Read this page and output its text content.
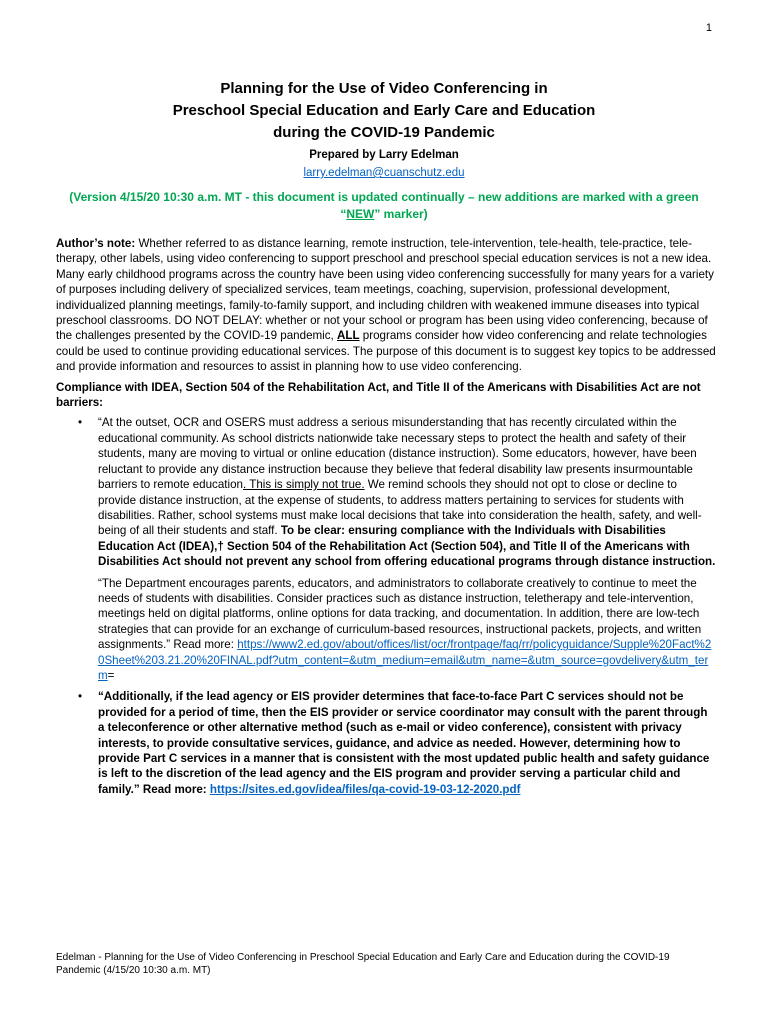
1
Planning for the Use of Video Conferencing in
Preschool Special Education and Early Care and Education
during the COVID-19 Pandemic
Prepared by Larry Edelman
larry.edelman@cuanschutz.edu
(Version 4/15/20 10:30 a.m. MT - this document is updated continually – new additions are marked with a green “NEW” marker)

Author’s note: Whether referred to as distance learning, remote instruction, tele-intervention, tele-health, tele-practice, tele-therapy, other labels, using video conferencing to support preschool and preschool special education services is not a new idea. Many early childhood programs across the country have been using video conferencing successfully for many years for a variety of purposes including delivery of specialized services, team meetings, coaching, supervision, professional development, individualized planning meetings, family-to-family support, and including children with weakened immune diseases into typical preschool classrooms. DO NOT DELAY: whether or not your school or program has been using video conferencing, because of the challenges presented by the COVID-19 pandemic, ALL programs consider how video conferencing and relate technologies could be used to continue providing educational services. The purpose of this document is to suggest key topics to be addressed and provide information and resources to assist in planning how to use video conferencing.

Compliance with IDEA, Section 504 of the Rehabilitation Act, and Title II of the Americans with Disabilities Act are not barriers:

• “At the outset, OCR and OSERS must address a serious misunderstanding that has recently circulated within the educational community. As school districts nationwide take necessary steps to protect the health and safety of their students, many are moving to virtual or online education (distance instruction). Some educators, however, have been reluctant to provide any distance instruction because they believe that federal disability law presents insurmountable barriers to remote education. This is simply not true. We remind schools they should not opt to close or decline to provide distance instruction, at the expense of students, to address matters pertaining to services for students with disabilities. Rather, school systems must make local decisions that take into consideration the health, safety, and well-being of all their students and staff. To be clear: ensuring compliance with the Individuals with Disabilities Education Act (IDEA),† Section 504 of the Rehabilitation Act (Section 504), and Title II of the Americans with Disabilities Act should not prevent any school from offering educational programs through distance instruction.
“The Department encourages parents, educators, and administrators to collaborate creatively to continue to meet the needs of students with disabilities. Consider practices such as distance instruction, teletherapy and tele-intervention, meetings held on digital platforms, online options for data tracking, and documentation. In addition, there are low-tech strategies that can provide for an exchange of curriculum-based resources, instructional packets, projects, and written assignments.” Read more: https://www2.ed.gov/about/offices/list/ocr/frontpage/faq/rr/policyguidance/Supple%20Fact%20Sheet%203.21.20%20FINAL.pdf?utm_content=&utm_medium=email&utm_name=&utm_source=govdelivery&utm_term=
• “Additionally, if the lead agency or EIS provider determines that face-to-face Part C services should not be provided for a period of time, then the EIS provider or service coordinator may consult with the parent through a teleconference or other alternative method (such as e-mail or video conference), consistent with privacy interests, to provide consultative services, guidance, and advice as needed. However, determining how to provide Part C services in a manner that is consistent with the most updated public health and safety guidance is left to the discretion of the lead agency and the EIS program and provider serving a particular child and family.” Read more: https://sites.ed.gov/idea/files/qa-covid-19-03-12-2020.pdf
Edelman - Planning for the Use of Video Conferencing in Preschool Special Education and Early Care and Education during the COVID-19 Pandemic (4/15/20 10:30 a.m. MT)
